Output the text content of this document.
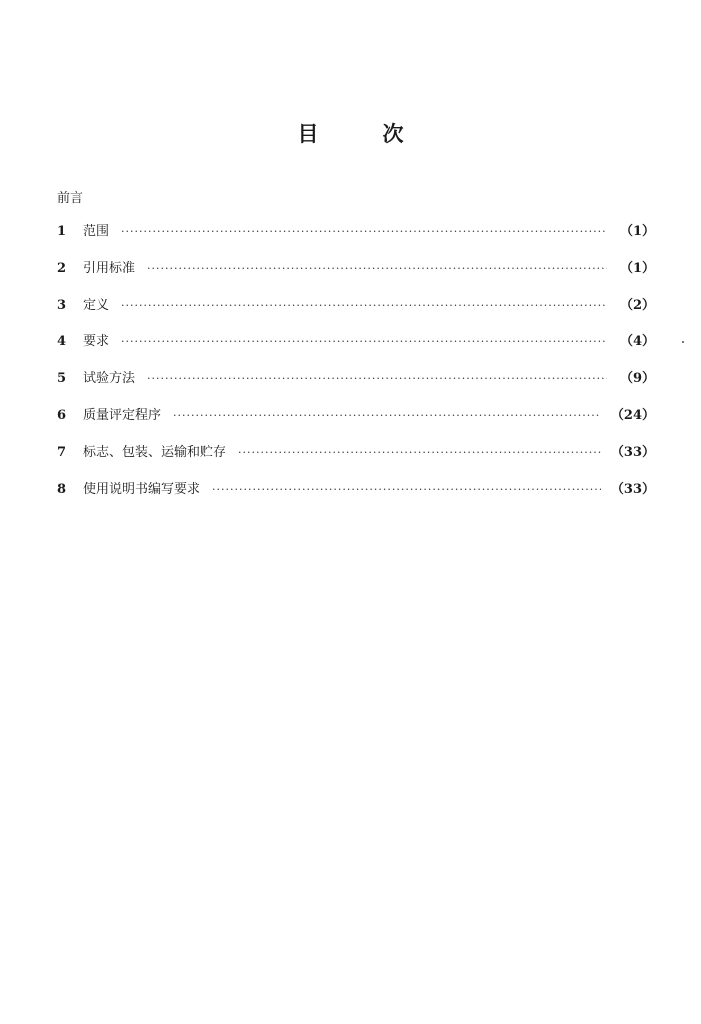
目	次
前言
1	范围 ·····	（1）
2	引用标准 ·····	（1）
3	定义 ·····	（2）
4	要求 ·····	（4）
5	试验方法 ·····	（9）
6	质量评定程序 ·····	（24）
7	标志、包装、运输和贮存 ·····	（33）
8	使用说明书编写要求 ·····	（33）
